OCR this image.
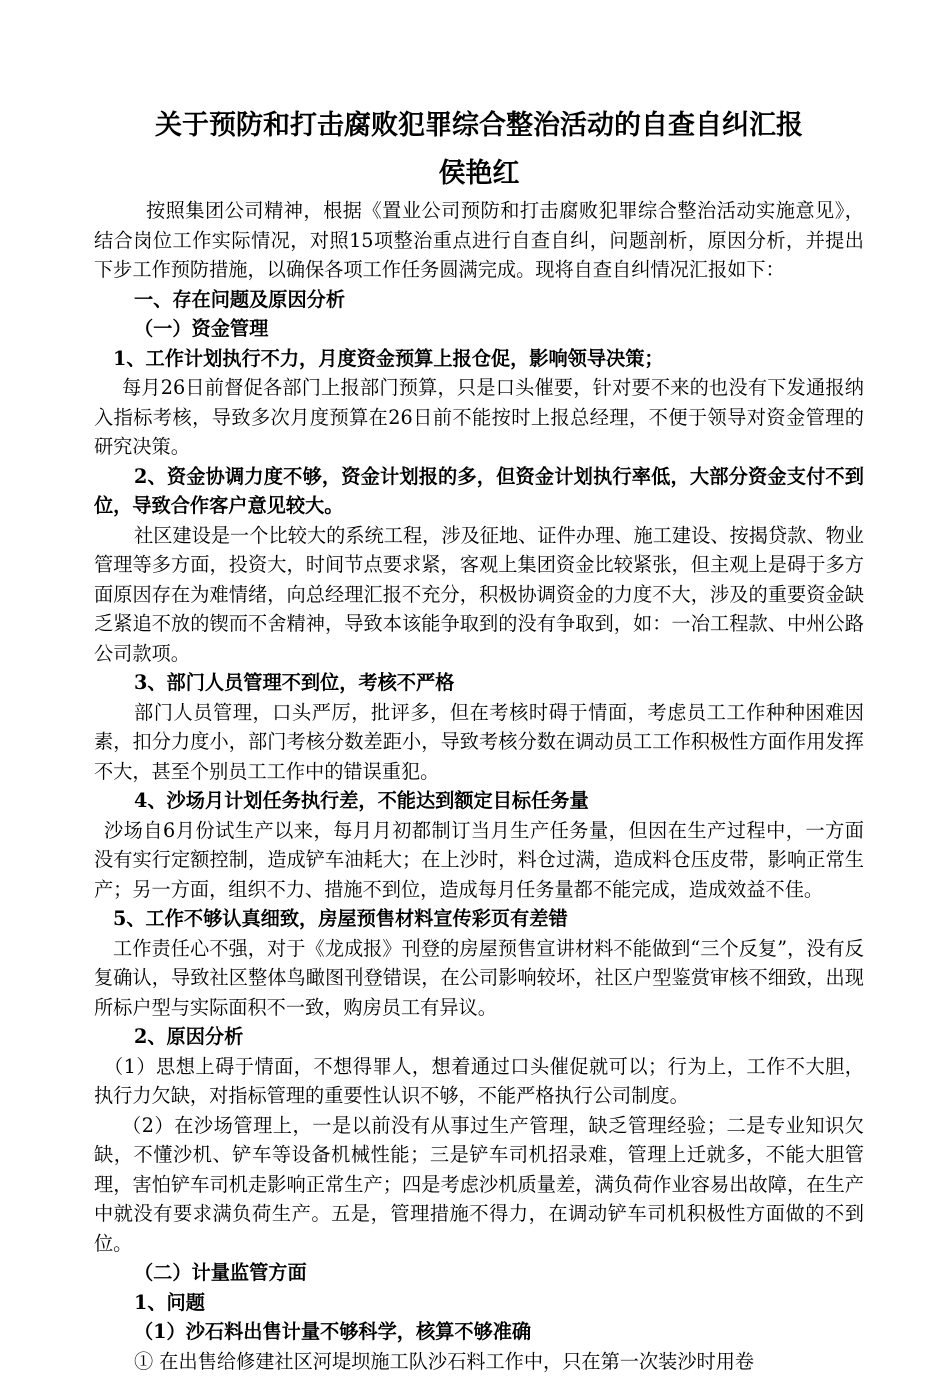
关于预防和打击腐败犯罪综合整治活动的自查自纠汇报
侯艳红

按照集团公司精神，根据《置业公司预防和打击腐败犯罪综合整治活动实施意见》，结合岗位工作实际情况，对照15项整治重点进行自查自纠，问题剖析，原因分析，并提出下步工作预防措施，以确保各项工作任务圆满完成。现将自查自纠情况汇报如下：

一、存在问题及原因分析

（一）资金管理

1、工作计划执行不力，月度资金预算上报仓促，影响领导决策；

每月26日前督促各部门上报部门预算，只是口头催要，针对要不来的也没有下发通报纳入指标考核，导致多次月度预算在26日前不能按时上报总经理，不便于领导对资金管理的研究决策。

2、资金协调力度不够，资金计划报的多，但资金计划执行率低，大部分资金支付不到位，导致合作客户意见较大。

社区建设是一个比较大的系统工程，涉及征地、证件办理、施工建设、按揭贷款、物业管理等多方面，投资大，时间节点要求紧，客观上集团资金比较紧张，但主观上是碍于多方面原因存在为难情绪，向总经理汇报不充分，积极协调资金的力度不大，涉及的重要资金缺乏紧追不放的锲而不舍精神，导致本该能争取到的没有争取到，如：一冶工程款、中州公路公司款项。

3、部门人员管理不到位，考核不严格

部门人员管理，口头严厉，批评多，但在考核时碍于情面，考虑员工工作种种困难因素，扣分力度小，部门考核分数差距小，导致考核分数在调动员工工作积极性方面作用发挥不大，甚至个别员工工作中的错误重犯。

4、沙场月计划任务执行差，不能达到额定目标任务量

沙场自6月份试生产以来，每月月初都制订当月生产任务量，但因在生产过程中，一方面没有实行定额控制，造成铲车油耗大；在上沙时，料仓过满，造成料仓压皮带，影响正常生产；另一方面，组织不力、措施不到位，造成每月任务量都不能完成，造成效益不佳。

5、工作不够认真细致，房屋预售材料宣传彩页有差错

工作责任心不强，对于《龙成报》刊登的房屋预售宣讲材料不能做到“三个反复”，没有反复确认，导致社区整体鸟瞰图刊登错误，在公司影响较坏，社区户型鉴赏审核不细致，出现所标户型与实际面积不一致，购房员工有异议。

2、原因分析

（1）思想上碍于情面，不想得罪人，想着通过口头催促就可以；行为上，工作不大胆，执行力欠缺，对指标管理的重要性认识不够，不能严格执行公司制度。

（2）在沙场管理上，一是以前没有从事过生产管理，缺乏管理经验；二是专业知识欠缺，不懂沙机、铲车等设备机械性能；三是铲车司机招录难，管理上迁就多，不能大胆管理，害怕铲车司机走影响正常生产；四是考虑沙机质量差，满负荷作业容易出故障，在生产中就没有要求满负荷生产。五是，管理措施不得力，在调动铲车司机积极性方面做的不到位。

（二）计量监管方面

1、问题

（1）沙石料出售计量不够科学，核算不够准确

① 在出售给修建社区河堤坝施工队沙石料工作中，只在第一次装沙时用卷
